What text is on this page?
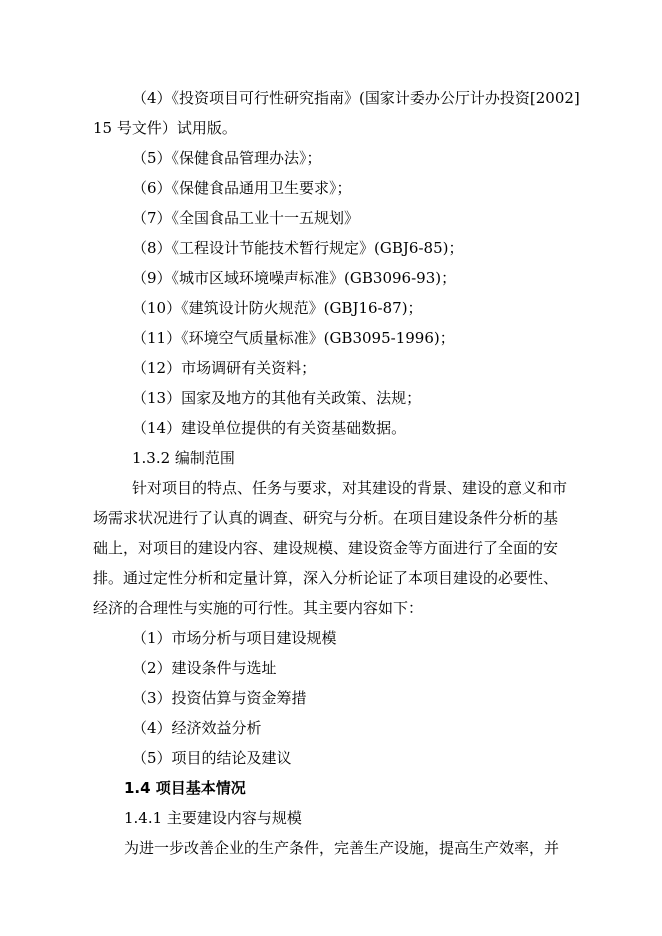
（4）《投资项目可行性研究指南》(国家计委办公厅计办投资[2002]
15 号文件）试用版。
（5）《保健食品管理办法》；
（6）《保健食品通用卫生要求》；
（7）《全国食品工业十一五规划》
（8）《工程设计节能技术暂行规定》(GBJ6-85)；
（9）《城市区域环境噪声标准》(GB3096-93)；
（10）《建筑设计防火规范》(GBJ16-87)；
（11）《环境空气质量标准》(GB3095-1996)；
（12）市场调研有关资料；
（13）国家及地方的其他有关政策、法规；
（14）建设单位提供的有关资基础数据。
1.3.2 编制范围
针对项目的特点、任务与要求，对其建设的背景、建设的意义和市
场需求状况进行了认真的调查、研究与分析。在项目建设条件分析的基
础上，对项目的建设内容、建设规模、建设资金等方面进行了全面的安
排。通过定性分析和定量计算，深入分析论证了本项目建设的必要性、
经济的合理性与实施的可行性。其主要内容如下：
（1）市场分析与项目建设规模
（2）建设条件与选址
（3）投资估算与资金筹措
（4）经济效益分析
（5）项目的结论及建议
1.4 项目基本情况
1.4.1 主要建设内容与规模
为进一步改善企业的生产条件，完善生产设施，提高生产效率，并
